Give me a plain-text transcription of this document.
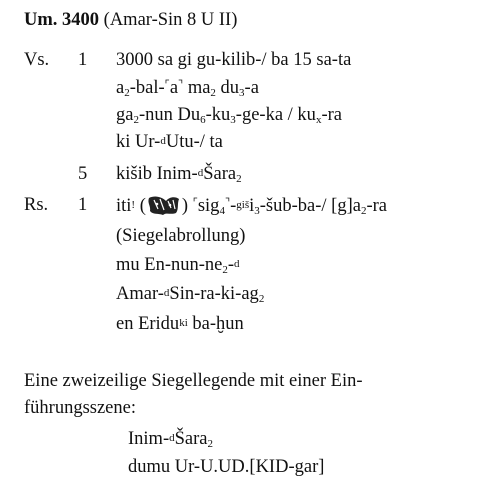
Um. 3400 (Amar-Sin 8 U II)
Vs. 1 3000 sa gi gu-kilib-/ ba 15 sa-ta
$a_2-bal-^⌜a^⌝$ $ma_2$ $du_3-a$
$ga_2$-nun $Du_6-ku_3-ge-ka / ku_x-ra$
ki Ur-$^d$Utu-/ ta
5 kišib Inim-$^d$Šara$_2$
Rs. 1 iti! ( ) $^⌜sig_4^⌝-^{giš}i_3-šub-ba-/$ $[g]a_2-ra$
(Siegelabrollung)
mu $En-nun-ne_2-^d$
Amar-$^dSin-ra-ki-ag_2$
en Eridu$^{ki}$ ba-ḫun
Eine zweizeilige Siegellegende mit einer Ein-
führungsszene:
Inim-$^d$Šara$_2$
dumu Ur-U.UD.[KID-gar]
